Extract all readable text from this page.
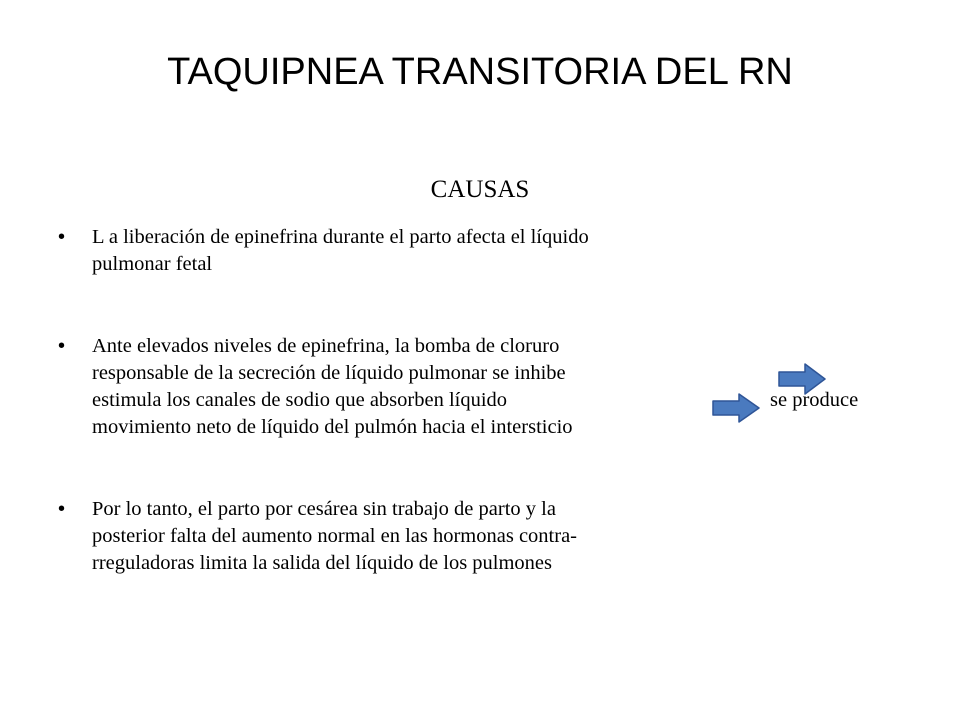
TAQUIPNEA TRANSITORIA DEL RN
CAUSAS
• L a liberación de epinefrina durante el parto afecta el líquido
pulmonar fetal
• Ante elevados niveles de epinefrina, la bomba de cloruro
responsable de la secreción de líquido pulmonar se inhibe
estimula los canales de sodio que absorben líquido	se produce
movimiento neto de líquido del pulmón hacia el intersticio
• Por lo tanto, el parto por cesárea sin trabajo de parto y la
posterior falta del aumento normal en las hormonas contra-
rreguladoras limita la salida del líquido de los pulmones
